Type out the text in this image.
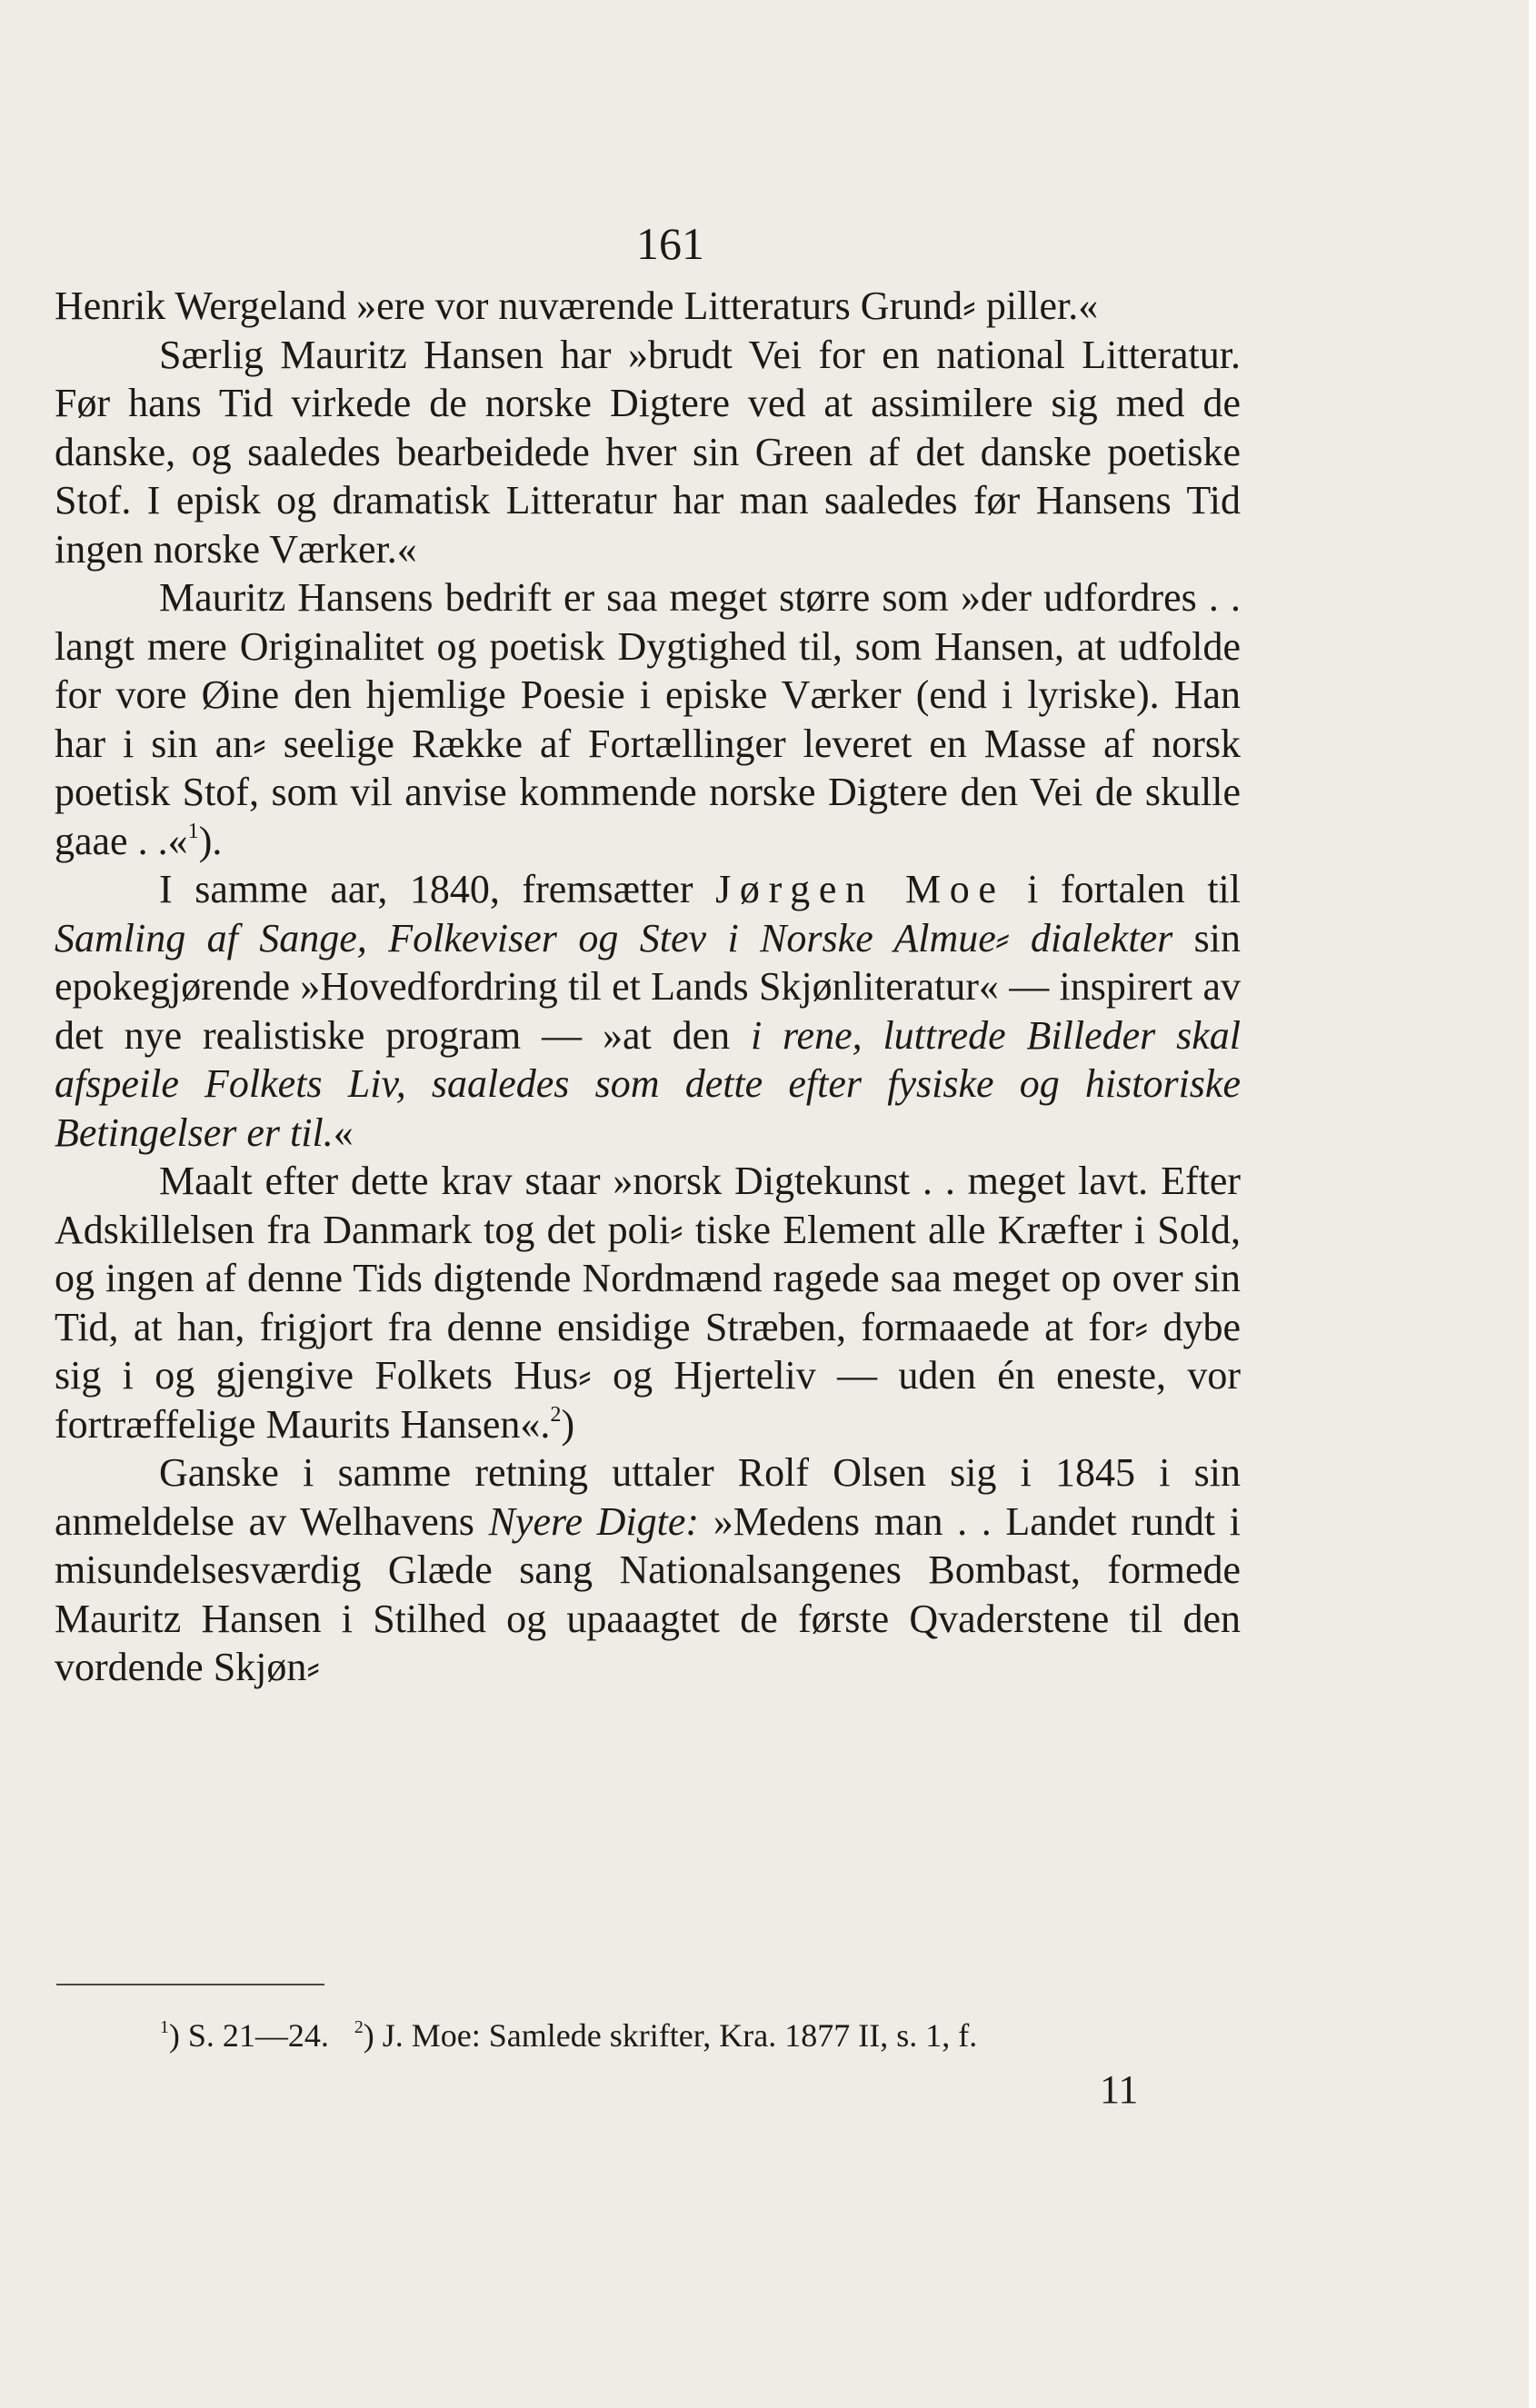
161

Henrik Wergeland »ere vor nuværende Litteraturs Grund⸗ piller.«

Særlig Mauritz Hansen har »brudt Vei for en national Litteratur. Før hans Tid virkede de norske Digtere ved at assimilere sig med de danske, og saaledes bearbeidede hver sin Green af det danske poetiske Stof. I episk og dramatisk Litteratur har man saaledes før Hansens Tid ingen norske Værker.«

Mauritz Hansens bedrift er saa meget større som »der udfordres . . langt mere Originalitet og poetisk Dygtighed til, som Hansen, at udfolde for vore Øine den hjemlige Poesie i episke Værker (end i lyriske). Han har i sin an⸗ seelige Række af Fortællinger leveret en Masse af norsk poetisk Stof, som vil anvise kommende norske Digtere den Vei de skulle gaae . .«$^1$).

I samme aar, 1840, fremsætter Jørgen Moe i fortalen til Samling af Sange, Folkeviser og Stev i Norske Almue⸗ dialekter sin epokegjørende »Hovedfordring til et Lands Skjønliteratur« — inspirert av det nye realistiske program — »at den i rene, luttrede Billeder skal afspeile Folkets Liv, saaledes som dette efter fysiske og historiske Betingelser er til.«

Maalt efter dette krav staar »norsk Digtekunst . . meget lavt. Efter Adskillelsen fra Danmark tog det poli⸗ tiske Element alle Kræfter i Sold, og ingen af denne Tids digtende Nordmænd ragede saa meget op over sin Tid, at han, frigjort fra denne ensidige Stræben, formaaede at for⸗ dybe sig i og gjengive Folkets Hus⸗ og Hjerteliv — uden én eneste, vor fortræffelige Maurits Hansen«.$^2$)

Ganske i samme retning uttaler Rolf Olsen sig i 1845 i sin anmeldelse av Welhavens Nyere Digte: »Medens man . . Landet rundt i misundelsesværdig Glæde sang Nationalsangenes Bombast, formede Mauritz Hansen i Stilhed og upaaagtet de første Qvaderstene til den vordende Skjøn⸗

$^1$) S. 21—24. $^2$) J. Moe: Samlede skrifter, Kra. 1877 II, s. 1, f.
11
